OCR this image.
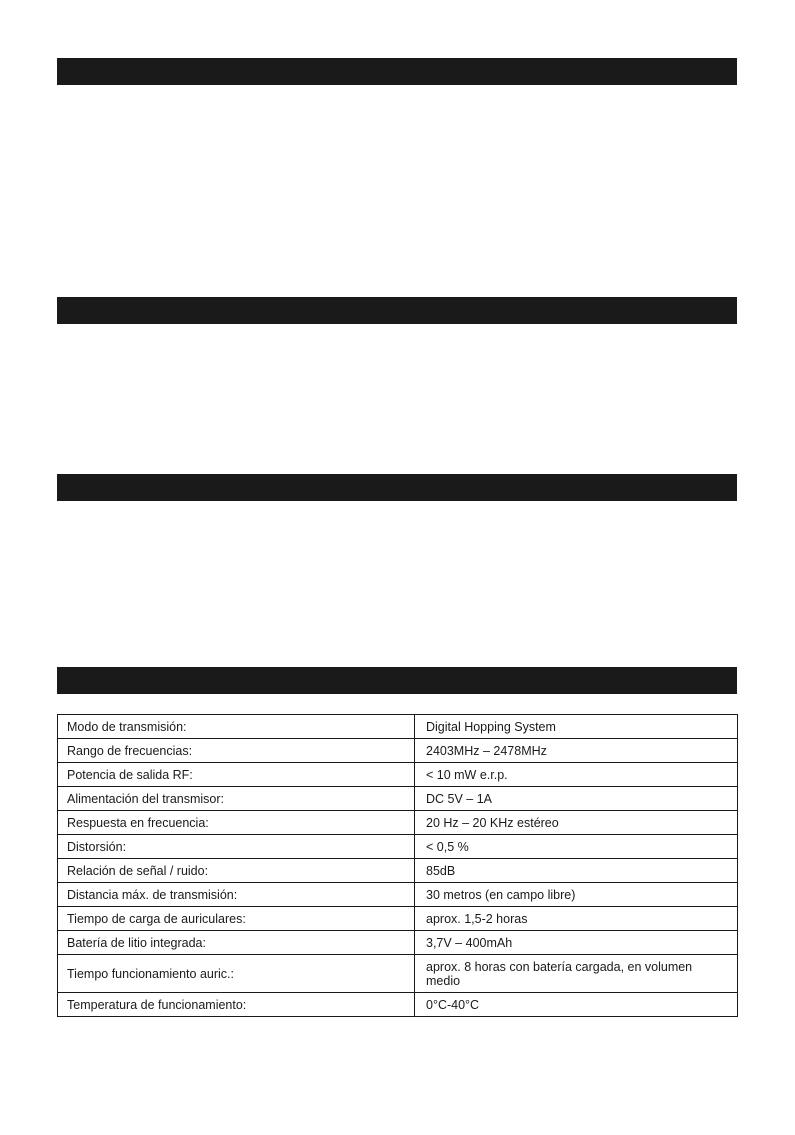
Modo de transmisión:	Digital Hopping System
Rango de frecuencias:	2403MHz – 2478MHz
Potencia de salida RF:	< 10 mW e.r.p.
Alimentación del transmisor:	DC 5V – 1A
Respuesta en frecuencia:	20 Hz – 20 KHz estéreo
Distorsión:	< 0,5 %
Relación de señal / ruido:	85dB
Distancia máx. de transmisión:	30 metros (en campo libre)
Tiempo de carga de auriculares:	aprox. 1,5-2 horas
Batería de litio integrada:	3,7V – 400mAh
Tiempo funcionamiento auric.:	aprox. 8 horas con batería cargada, en volumen medio
Temperatura de funcionamiento:	0°C-40°C
